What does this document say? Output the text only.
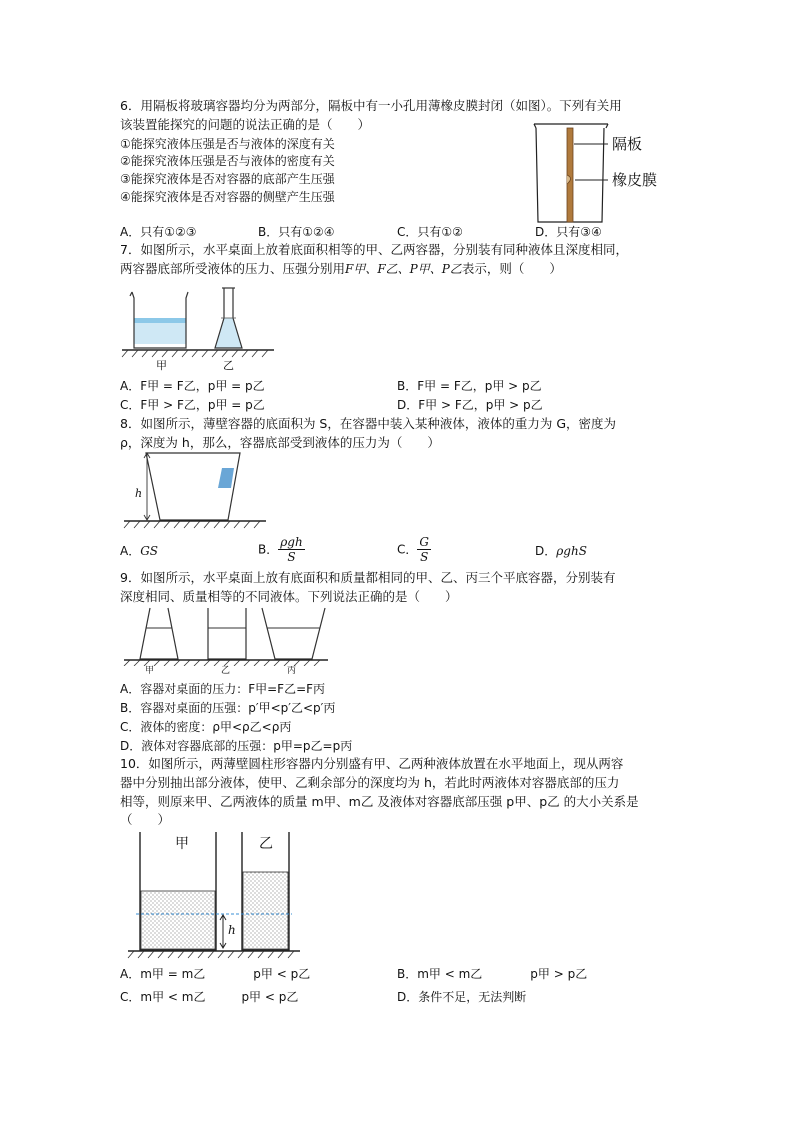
6．用隔板将玻璃容器均分为两部分，隔板中有一小孔用薄橡皮膜封闭（如图）。下列有关用
该装置能探究的问题的说法正确的是（　　）
①能探究液体压强是否与液体的深度有关
②能探究液体压强是否与液体的密度有关
③能探究液体是否对容器的底部产生压强
④能探究液体是否对容器的侧壁产生压强
隔板
橡皮膜
A．只有①②③	B．只有①②④	C．只有①②	D．只有③④
7．如图所示，水平桌面上放着底面积相等的甲、乙两容器，分别装有同种液体且深度相同，
两容器底部所受液体的压力、压强分别用F甲、F乙、P甲、P乙表示，则（　　）
甲	乙
A．F甲 = F乙，p甲 = p乙	B．F甲 = F乙，p甲 > p乙
C．F甲 > F乙，p甲 = p乙	D．F甲 > F乙，p甲 > p乙
8．如图所示，薄壁容器的底面积为 S，在容器中装入某种液体，液体的重力为 G，密度为
ρ，深度为 h，那么，容器底部受到液体的压力为（　　）
h
A．GS	B． $\frac{\text{ρgh}}{S}$	C． $\frac{G}{S}$	D．ρghS
9．如图所示，水平桌面上放有底面积和质量都相同的甲、乙、丙三个平底容器，分别装有
深度相同、质量相等的不同液体。下列说法正确的是（　　）
甲	乙	丙
A．容器对桌面的压力：F甲=F乙=F丙
B．容器对桌面的压强：p′甲<p′乙<p′丙
C．液体的密度：ρ甲<ρ乙<ρ丙
D．液体对容器底部的压强：p甲=p乙=p丙
10．如图所示，两薄壁圆柱形容器内分别盛有甲、乙两种液体放置在水平地面上，现从两容
器中分别抽出部分液体，使甲、乙剩余部分的深度均为 h，若此时两液体对容器底部的压力
相等，则原来甲、乙两液体的质量 m甲、m乙 及液体对容器底部压强 p甲、p乙 的大小关系是
（　　）
甲	乙
h
A．m甲 = m乙　　　　p甲 < p乙	B．m甲 < m乙　　　　p甲 > p乙
C．m甲 < m乙　　　p甲 < p乙	D．条件不足，无法判断
